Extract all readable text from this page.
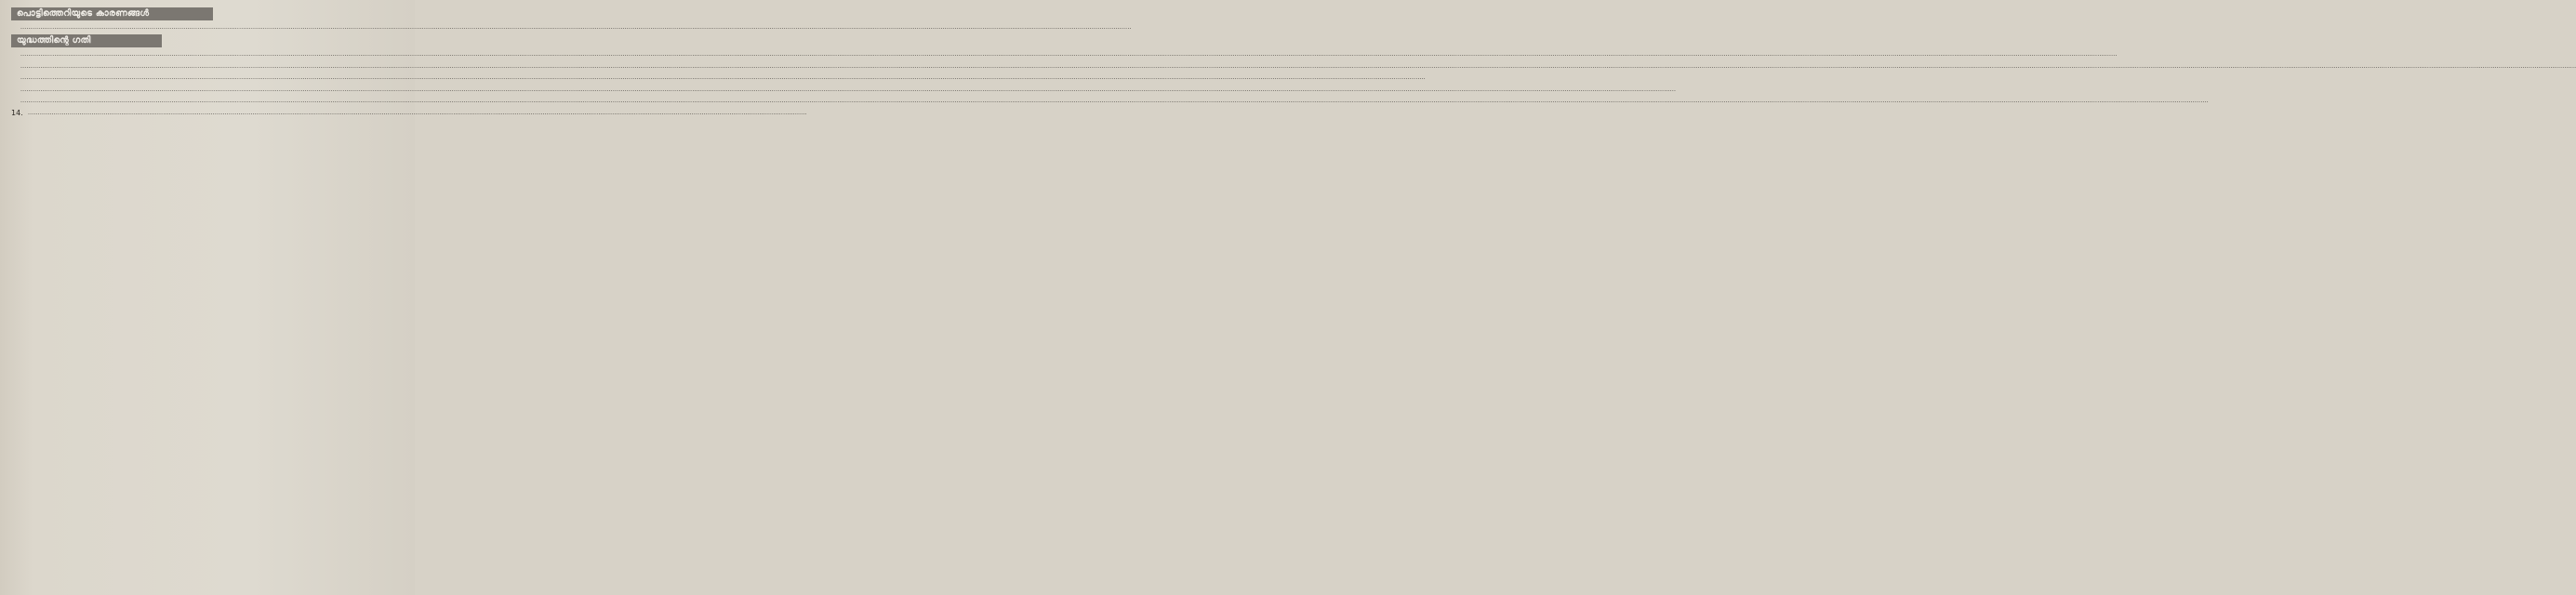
പൊട്ടിത്തെറിയുടെ കാരണങ്ങൾ
...............................................................................................................................................................................................................................................................................................................................................................................................................................................................................................................................................................................
യുദ്ധത്തിന്റെ ഗതി
...............................................................................................................................................................................................................................................................................................................................................................................................................................................................................................................................................................................................................................................................................................................................................................................................................................................................................................................................................................................................................................................................................................
......................................................................................................................................................................................................................................................................................................................................................................................................................................................................................................................................................................................................................................................................................................................................................................................................................................................................................................................................................................................................................................................................................................................................................................................................................................................................................................................................
...................................................................................................................................................................................................................................................................................................................................................................................................................................................................................................................................................................................................................................................................................................................................
.................................................................................................................................................................................................................................................................................................................................................................................................................................................................................................................................................................................................................................................................................................................................................................................................................................................................
.............................................................................................................................................................................................................................................................................................................................................................................................................................................................................................................................................................................................................................................................................................................................................................................................................................................................................................................................................................................................................................................................................................................................................
14. ........................................................................................................................................................................................................................................................................................................................................................................................................
